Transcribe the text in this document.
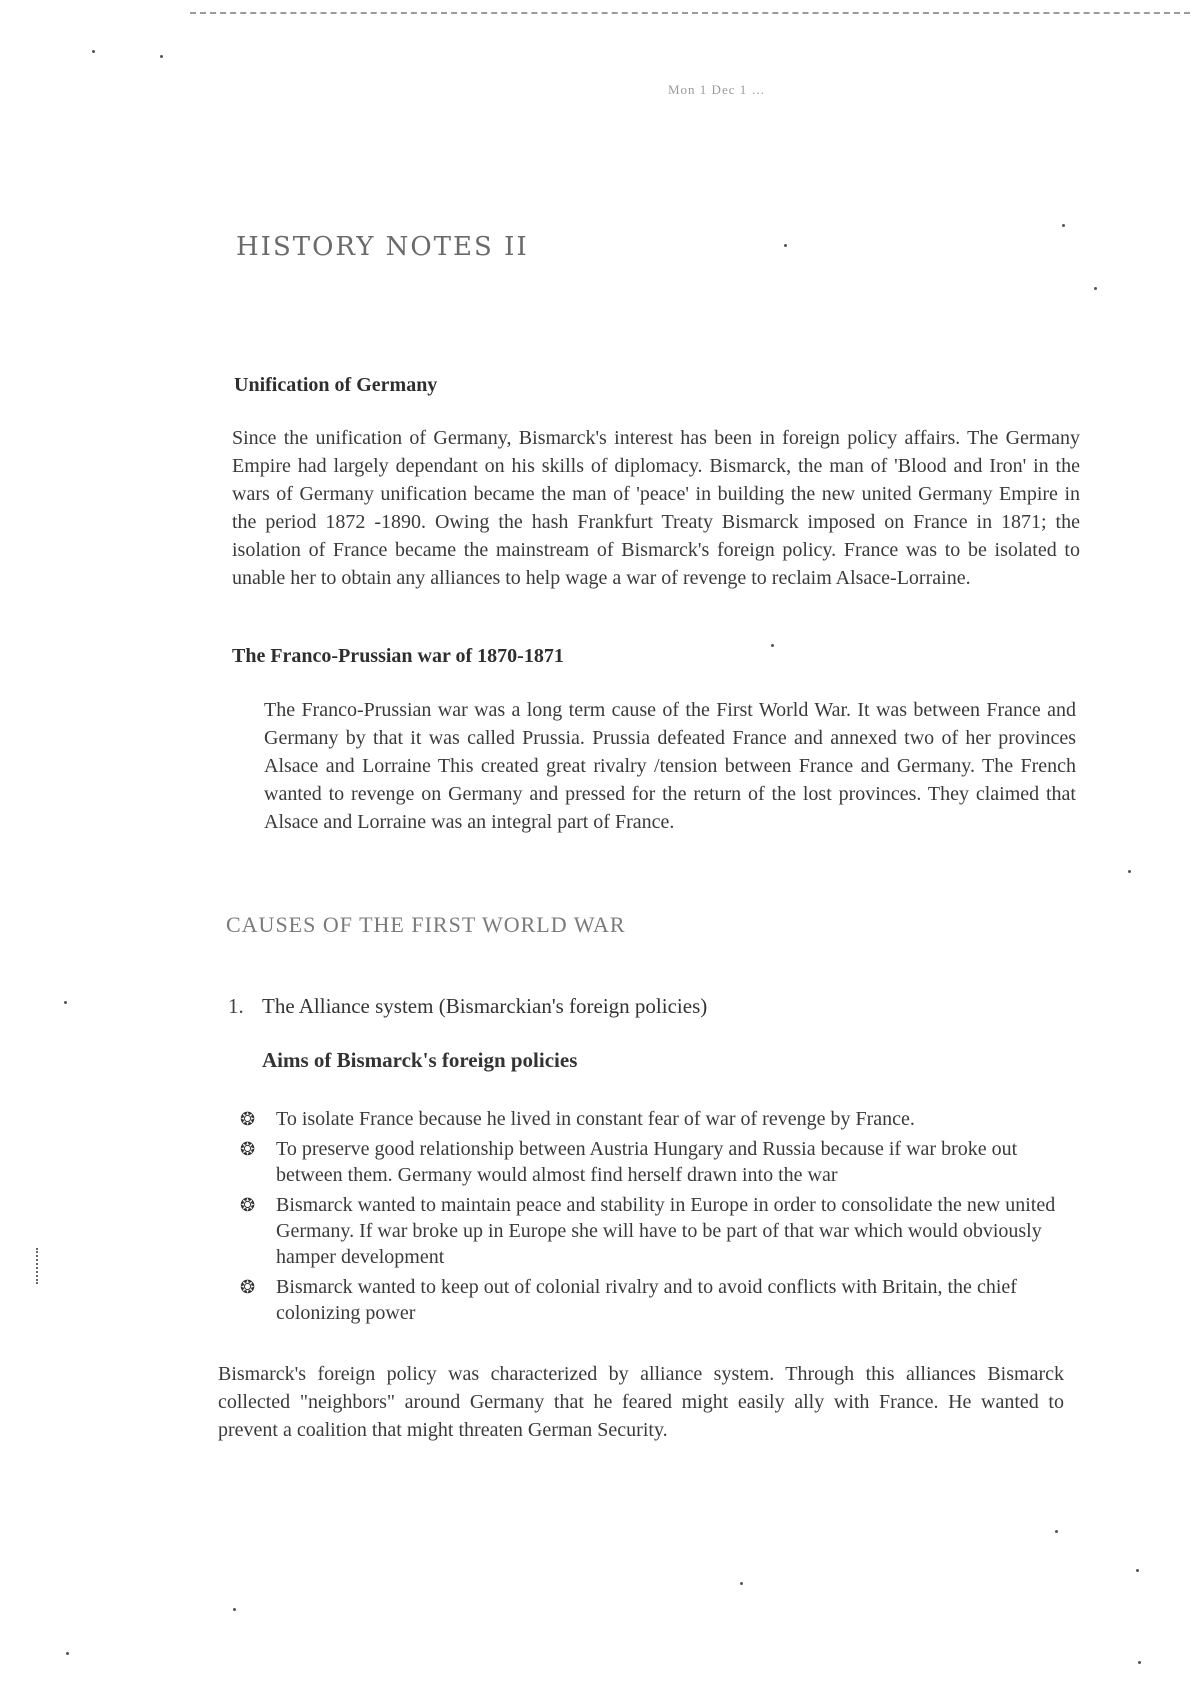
Mon 1 Dec 1 …
HISTORY NOTES II
Unification of Germany

Since the unification of Germany, Bismarck's interest has been in foreign policy affairs. The Germany Empire had largely dependant on his skills of diplomacy. Bismarck, the man of 'Blood and Iron' in the wars of Germany unification became the man of 'peace' in building the new united Germany Empire in the period 1872 -1890. Owing the hash Frankfurt Treaty Bismarck imposed on France in 1871; the isolation of France became the mainstream of Bismarck's foreign policy. France was to be isolated to unable her to obtain any alliances to help wage a war of revenge to reclaim Alsace-Lorraine.

The Franco-Prussian war of 1870-1871

The Franco-Prussian war was a long term cause of the First World War. It was between France and Germany by that it was called Prussia. Prussia defeated France and annexed two of her provinces Alsace and Lorraine This created great rivalry /tension between France and Germany. The French wanted to revenge on Germany and pressed for the return of the lost provinces. They claimed that Alsace and Lorraine was an integral part of France.

CAUSES OF THE FIRST WORLD WAR
1. The Alliance system (Bismarckian's foreign policies)
Aims of Bismarck's foreign policies
❂ To isolate France because he lived in constant fear of war of revenge by France.
❂ To preserve good relationship between Austria Hungary and Russia because if war broke out between them. Germany would almost find herself drawn into the war
❂ Bismarck wanted to maintain peace and stability in Europe in order to consolidate the new united Germany. If war broke up in Europe she will have to be part of that war which would obviously hamper development
❂ Bismarck wanted to keep out of colonial rivalry and to avoid conflicts with Britain, the chief colonizing power

Bismarck's foreign policy was characterized by alliance system. Through this alliances Bismarck collected "neighbors" around Germany that he feared might easily ally with France. He wanted to prevent a coalition that might threaten German Security.
